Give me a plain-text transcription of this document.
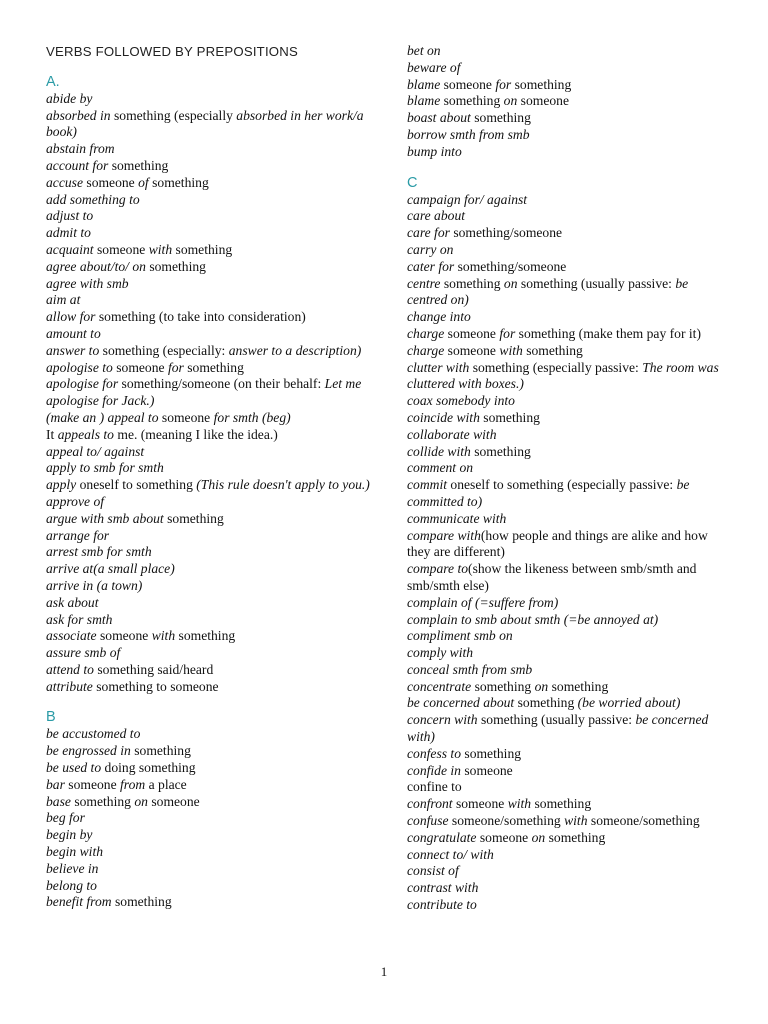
VERBS FOLLOWED BY PREPOSITIONS
A.
abide by
absorbed in something (especially absorbed in her work/a book)
abstain from
account for something
accuse someone of something
add something to
adjust to
admit to
acquaint someone with something
agree about/to/ on something
agree with smb
aim at
allow for something (to take into consideration)
amount to
answer to something (especially: answer to a description)
apologise to someone for something
apologise for something/someone (on their behalf: Let me apologise for Jack.)
(make an ) appeal to someone for smth (beg)
It appeals to me. (meaning I like the idea.)
appeal to/ against
apply to smb for smth
apply oneself to something (This rule doesn't apply to you.)
approve of
argue with smb about something
arrange for
arrest smb for smth
arrive at(a small place)
arrive in (a town)
ask about
ask for smth
associate someone with something
assure smb of
attend to something said/heard
attribute something to someone
B
be accustomed to
be engrossed in something
be used to doing something
bar someone from a place
base something on someone
beg for
begin by
begin with
believe in
belong to
benefit from something
bet on
beware of
blame someone for something
blame something on someone
boast about something
borrow smth from smb
bump into
C
campaign for/ against
care about
care for something/someone
carry on
cater for something/someone
centre something on something (usually passive: be centred on)
change into
charge someone for something (make them pay for it)
charge someone with something
clutter with something (especially passive: The room was cluttered with boxes.)
coax somebody into
coincide with something
collaborate with
collide with something
comment on
commit oneself to something (especially passive: be committed to)
communicate with
compare with(how people and things are alike and how they are different)
compare to(show the likeness between smb/smth and smb/smth else)
complain of (=suffere from)
complain to smb about smth (=be annoyed at)
compliment smb on
comply with
conceal smth from smb
concentrate something on something
be concerned about something (be worried about)
concern with something (usually passive: be concerned with)
confess to something
confide in someone
confine to
confront someone with something
confuse someone/something with someone/something
congratulate someone on something
connect to/ with
consist of
contrast with
contribute to
1
